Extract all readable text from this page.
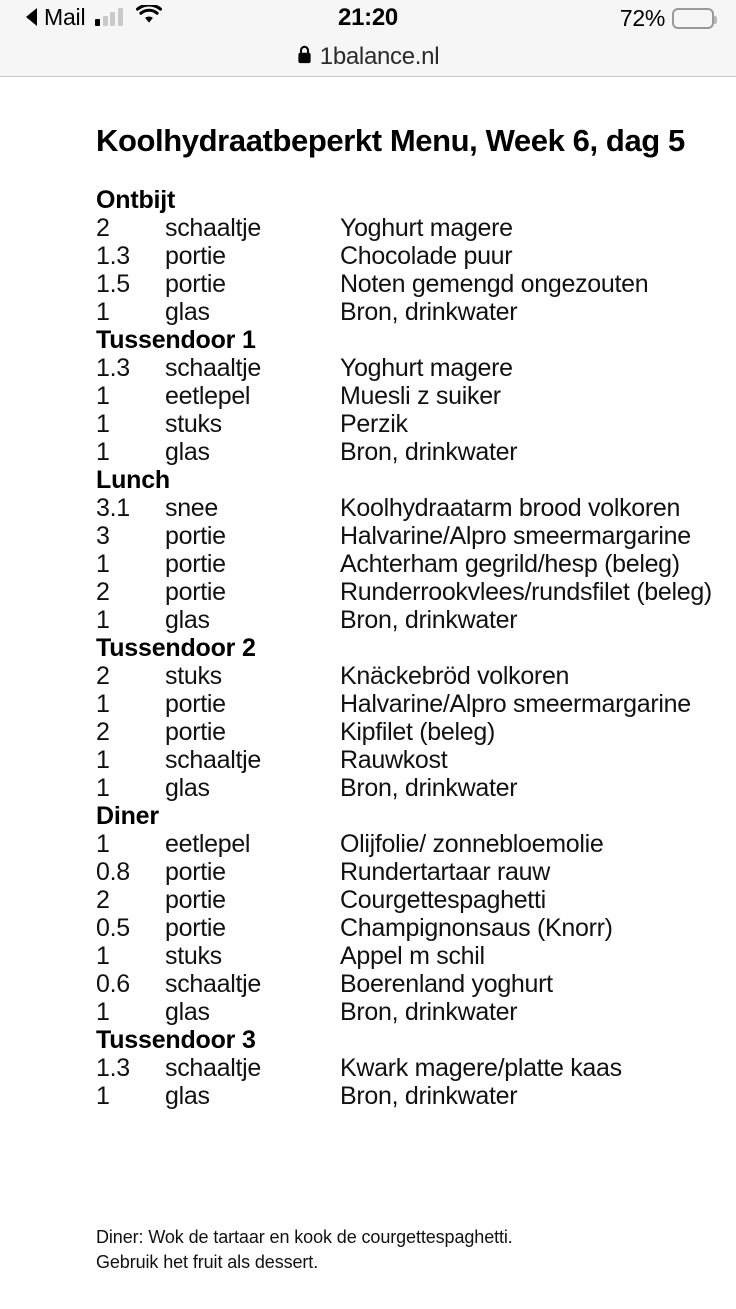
Mail	21:20	72%
1balance.nl
Koolhydraatbeperkt Menu, Week 6, dag 5
Ontbijt
2	schaaltje	Yoghurt magere
1.3	portie	Chocolade puur
1.5	portie	Noten gemengd ongezouten
1	glas	Bron, drinkwater
Tussendoor 1
1.3	schaaltje	Yoghurt magere
1	eetlepel	Muesli z suiker
1	stuks	Perzik
1	glas	Bron, drinkwater
Lunch
3.1	snee	Koolhydraatarm brood volkoren
3	portie	Halvarine/Alpro smeermargarine
1	portie	Achterham gegrild/hesp (beleg)
2	portie	Runderrookvlees/rundsfilet (beleg)
1	glas	Bron, drinkwater
Tussendoor 2
2	stuks	Knäckebröd volkoren
1	portie	Halvarine/Alpro smeermargarine
2	portie	Kipfilet (beleg)
1	schaaltje	Rauwkost
1	glas	Bron, drinkwater
Diner
1	eetlepel	Olijfolie/ zonnebloemolie
0.8	portie	Rundertartaar rauw
2	portie	Courgettespaghetti
0.5	portie	Champignonsaus (Knorr)
1	stuks	Appel m schil
0.6	schaaltje	Boerenland yoghurt
1	glas	Bron, drinkwater
Tussendoor 3
1.3	schaaltje	Kwark magere/platte kaas
1	glas	Bron, drinkwater
Diner: Wok de tartaar en kook de courgettespaghetti.
Gebruik het fruit als dessert.
